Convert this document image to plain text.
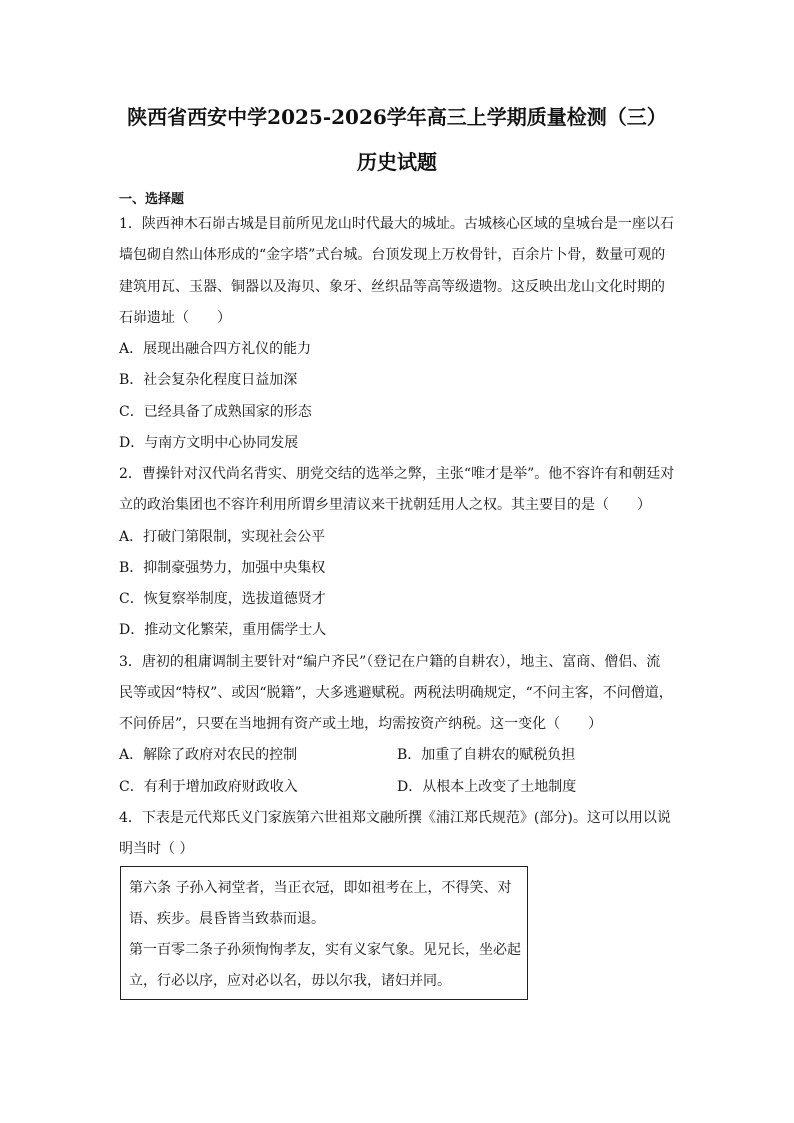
陕西省西安中学2025-2026学年高三上学期质量检测（三）
历史试题
一、选择题
1．陕西神木石峁古城是目前所见龙山时代最大的城址。古城核心区域的皇城台是一座以石
墙包砌自然山体形成的“金字塔”式台城。台顶发现上万枚骨针，百余片卜骨，数量可观的
建筑用瓦、玉器、铜器以及海贝、象牙、丝织品等高等级遗物。这反映出龙山文化时期的
石峁遗址（　　）
A．展现出融合四方礼仪的能力
B．社会复杂化程度日益加深
C．已经具备了成熟国家的形态
D．与南方文明中心协同发展
2．曹操针对汉代尚名背实、朋党交结的选举之弊，主张“唯才是举”。他不容许有和朝廷对
立的政治集团也不容许利用所谓乡里清议来干扰朝廷用人之权。其主要目的是（　　）
A．打破门第限制，实现社会公平
B．抑制豪强势力，加强中央集权
C．恢复察举制度，选拔道德贤才
D．推动文化繁荣，重用儒学士人
3．唐初的租庸调制主要针对“编户齐民”（登记在户籍的自耕农），地主、富商、僧侣、流
民等或因“特权”、或因“脱籍”，大多逃避赋税。两税法明确规定，“不问主客，不问僧道，
不问侨居”，只要在当地拥有资产或土地，均需按资产纳税。这一变化（　　）
A．解除了政府对农民的控制	B．加重了自耕农的赋税负担
C．有利于增加政府财政收入	D．从根本上改变了土地制度
4．下表是元代郑氏义门家族第六世祖郑文融所撰《浦江郑氏规范》(部分)。这可以用以说
明当时（ ）
第六条 子孙入祠堂者，当正衣冠，即如祖考在上，不得笑、对
语、疾步。晨昏皆当致恭而退。
第一百零二条子孙须恂恂孝友，实有义家气象。见兄长，坐必起
立，行必以序，应对必以名，毋以尔我，诸妇并同。
